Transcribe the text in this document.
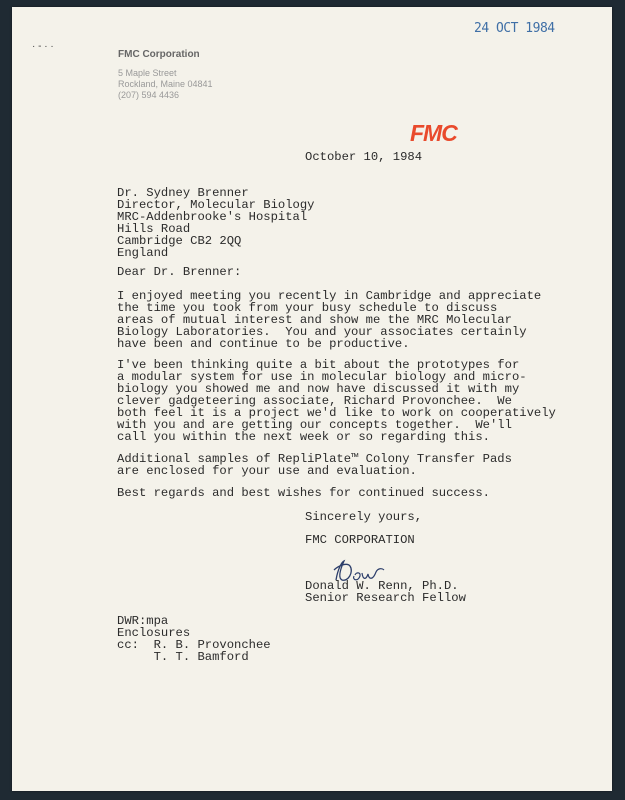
· ‐ · ·
24 OCT 1984
FMC Corporation
5 Maple Street
Rockland, Maine 04841
(207) 594 4436
FMC
October 10, 1984
Dr. Sydney Brenner
Director, Molecular Biology
MRC-Addenbrooke's Hospital
Hills Road
Cambridge CB2 2QQ
England
Dear Dr. Brenner:
I enjoyed meeting you recently in Cambridge and appreciate
the time you took from your busy schedule to discuss
areas of mutual interest and show me the MRC Molecular
Biology Laboratories.  You and your associates certainly
have been and continue to be productive.
I've been thinking quite a bit about the prototypes for
a modular system for use in molecular biology and micro-
biology you showed me and now have discussed it with my
clever gadgeteering associate, Richard Provonchee.  We
both feel it is a project we'd like to work on cooperatively
with you and are getting our concepts together.  We'll
call you within the next week or so regarding this.
Additional samples of RepliPlate™ Colony Transfer Pads
are enclosed for your use and evaluation.
Best regards and best wishes for continued success.
Sincerely yours,
FMC CORPORATION
Donald W. Renn, Ph.D.
Senior Research Fellow
DWR:mpa
Enclosures
cc:  R. B. Provonchee
T. T. Bamford
